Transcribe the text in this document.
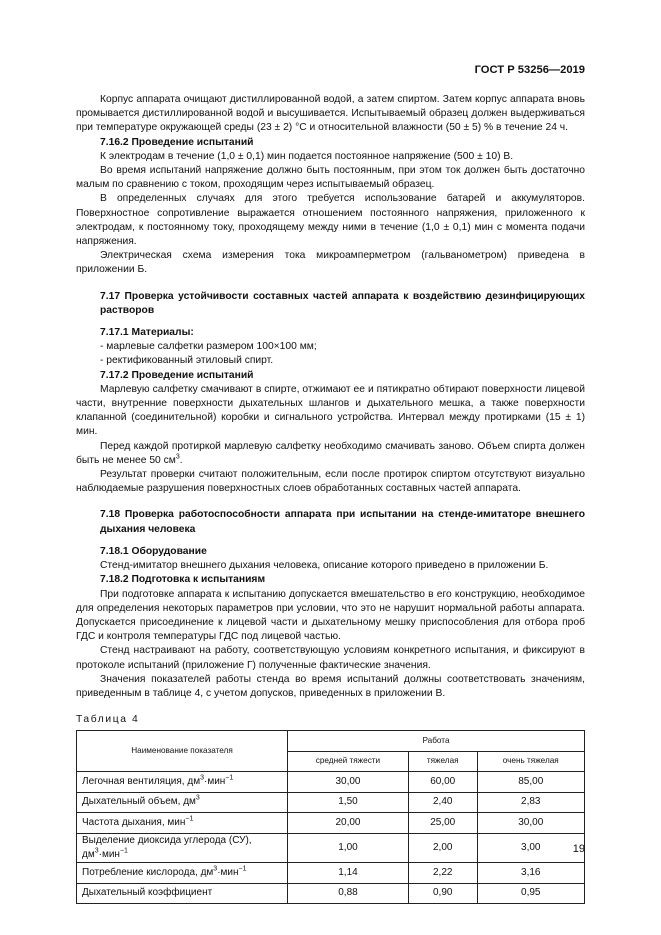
ГОСТ Р 53256—2019

Корпус аппарата очищают дистиллированной водой, а затем спиртом. Затем корпус аппарата вновь промывается дистиллированной водой и высушивается. Испытываемый образец должен выдерживаться при температуре окружающей среды (23 ± 2) °С и относительной влажности (50 ± 5) % в течение 24 ч.

7.16.2 Проведение испытаний

К электродам в течение (1,0 ± 0,1) мин подается постоянное напряжение (500 ± 10) В.

Во время испытаний напряжение должно быть постоянным, при этом ток должен быть достаточно малым по сравнению с током, проходящим через испытываемый образец.

В определенных случаях для этого требуется использование батарей и аккумуляторов. Поверхностное сопротивление выражается отношением постоянного напряжения, приложенного к электродам, к постоянному току, проходящему между ними в течение (1,0 ± 0,1) мин с момента подачи напряжения.

Электрическая схема измерения тока микроамперметром (гальванометром) приведена в приложении Б.

7.17 Проверка устойчивости составных частей аппарата к воздействию дезинфицирующих растворов

7.17.1 Материалы:

- марлевые салфетки размером 100×100 мм;

- ректификованный этиловый спирт.

7.17.2 Проведение испытаний

Марлевую салфетку смачивают в спирте, отжимают ее и пятикратно обтирают поверхности лицевой части, внутренние поверхности дыхательных шлангов и дыхательного мешка, а также поверхности клапанной (соединительной) коробки и сигнального устройства. Интервал между протирками (15 ± 1) мин.

Перед каждой протиркой марлевую салфетку необходимо смачивать заново. Объем спирта должен быть не менее 50 $см^3$.

Результат проверки считают положительным, если после протирок спиртом отсутствуют визуально наблюдаемые разрушения поверхностных слоев обработанных составных частей аппарата.

7.18 Проверка работоспособности аппарата при испытании на стенде-имитаторе внешнего дыхания человека

7.18.1 Оборудование

Стенд-имитатор внешнего дыхания человека, описание которого приведено в приложении Б.

7.18.2 Подготовка к испытаниям

При подготовке аппарата к испытанию допускается вмешательство в его конструкцию, необходимое для определения некоторых параметров при условии, что это не нарушит нормальной работы аппарата. Допускается присоединение к лицевой части и дыхательному мешку приспособления для отбора проб ГДС и контроля температуры ГДС под лицевой частью.

Стенд настраивают на работу, соответствующую условиям конкретного испытания, и фиксируют в протоколе испытаний (приложение Г) полученные фактические значения.

Значения показателей работы стенда во время испытаний должны соответствовать значениям, приведенным в таблице 4, с учетом допусков, приведенных в приложении В.

Таблица 4
Наименование показателя	Работа		
	средней тяжести	тяжелая	очень тяжелая
Легочная вентиляция, $дм^3\cdot мин^{-1}$	30,00	60,00	85,00
Дыхательный объем, $дм^3$	1,50	2,40	2,83
Частота дыхания, мин$^{-1}$	20,00	25,00	30,00
Выделение диоксида углерода (СУ), $дм^3\cdot мин^{-1}$	1,00	2,00	3,00
Потребление кислорода, $дм^3\cdot мин^{-1}$	1,14	2,22	3,16
Дыхательный коэффициент	0,88	0,90	0,95
19
